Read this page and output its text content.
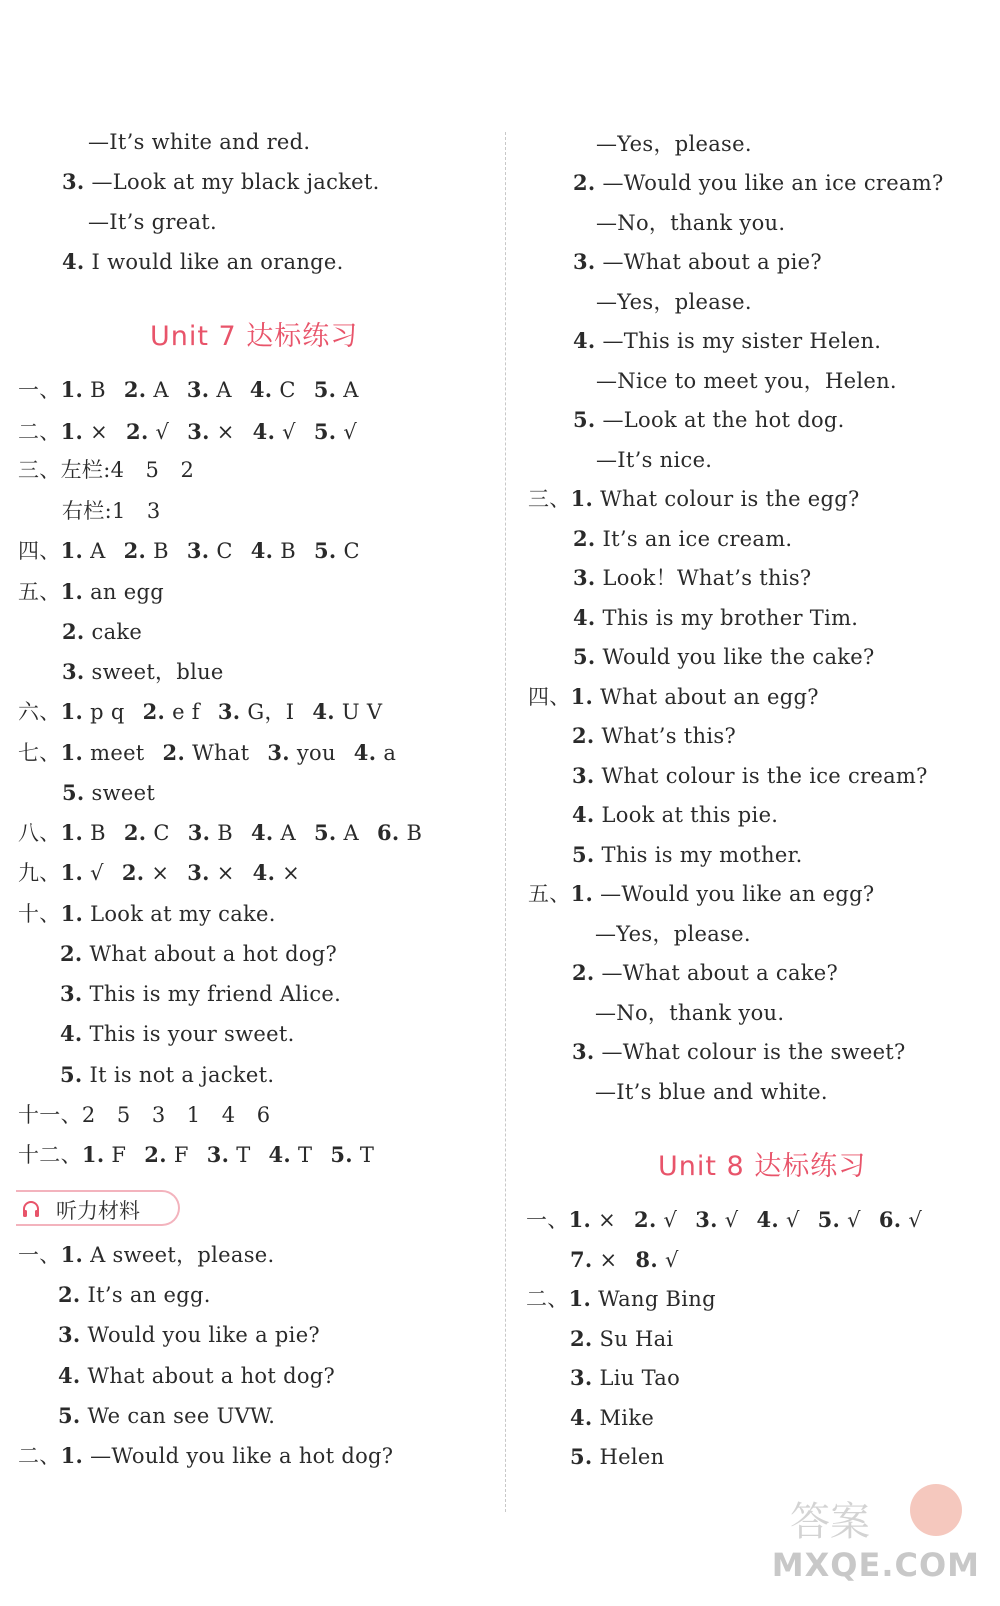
—It’s white and red.
3. —Look at my black jacket.
—It’s great.
4. I would like an orange.
Unit 7 达标练习
一、1. B 2. A 3. A 4. C 5. A
二、1. × 2. √ 3. × 4. √ 5. √
三、左栏:4　5　2
右栏:1　3
四、1. A 2. B 3. C 4. B 5. C
五、1. an egg
2. cake
3. sweet，blue
六、1. p q 2. e f 3. G，I 4. U V
七、1. meet 2. What 3. you 4. a
5. sweet
八、1. B 2. C 3. B 4. A 5. A 6. B
九、1. √ 2. × 3. × 4. ×
十、1. Look at my cake.
2. What about a hot dog?
3. This is my friend Alice.
4. This is your sweet.
5. It is not a jacket.
十一、2　5　3　1　4　6
十二、1. F 2. F 3. T 4. T 5. T
听力材料
一、1. A sweet，please.
2. It’s an egg.
3. Would you like a pie?
4. What about a hot dog?
5. We can see UVW.
二、1. —Would you like a hot dog?
—Yes，please.
2. —Would you like an ice cream?
—No，thank you.
3. —What about a pie?
—Yes，please.
4. —This is my sister Helen.
—Nice to meet you，Helen.
5. —Look at the hot dog.
—It’s nice.
三、1. What colour is the egg?
2. It’s an ice cream.
3. Look！What’s this?
4. This is my brother Tim.
5. Would you like the cake?
四、1. What about an egg?
2. What’s this?
3. What colour is the ice cream?
4. Look at this pie.
5. This is my mother.
五、1. —Would you like an egg?
—Yes，please.
2. —What about a cake?
—No，thank you.
3. —What colour is the sweet?
—It’s blue and white.
Unit 8 达标练习
一、1. × 2. √ 3. √ 4. √ 5. √ 6. √
7. × 8. √
二、1. Wang Bing
2. Su Hai
3. Liu Tao
4. Mike
5. Helen
答案
MXQE.COM
